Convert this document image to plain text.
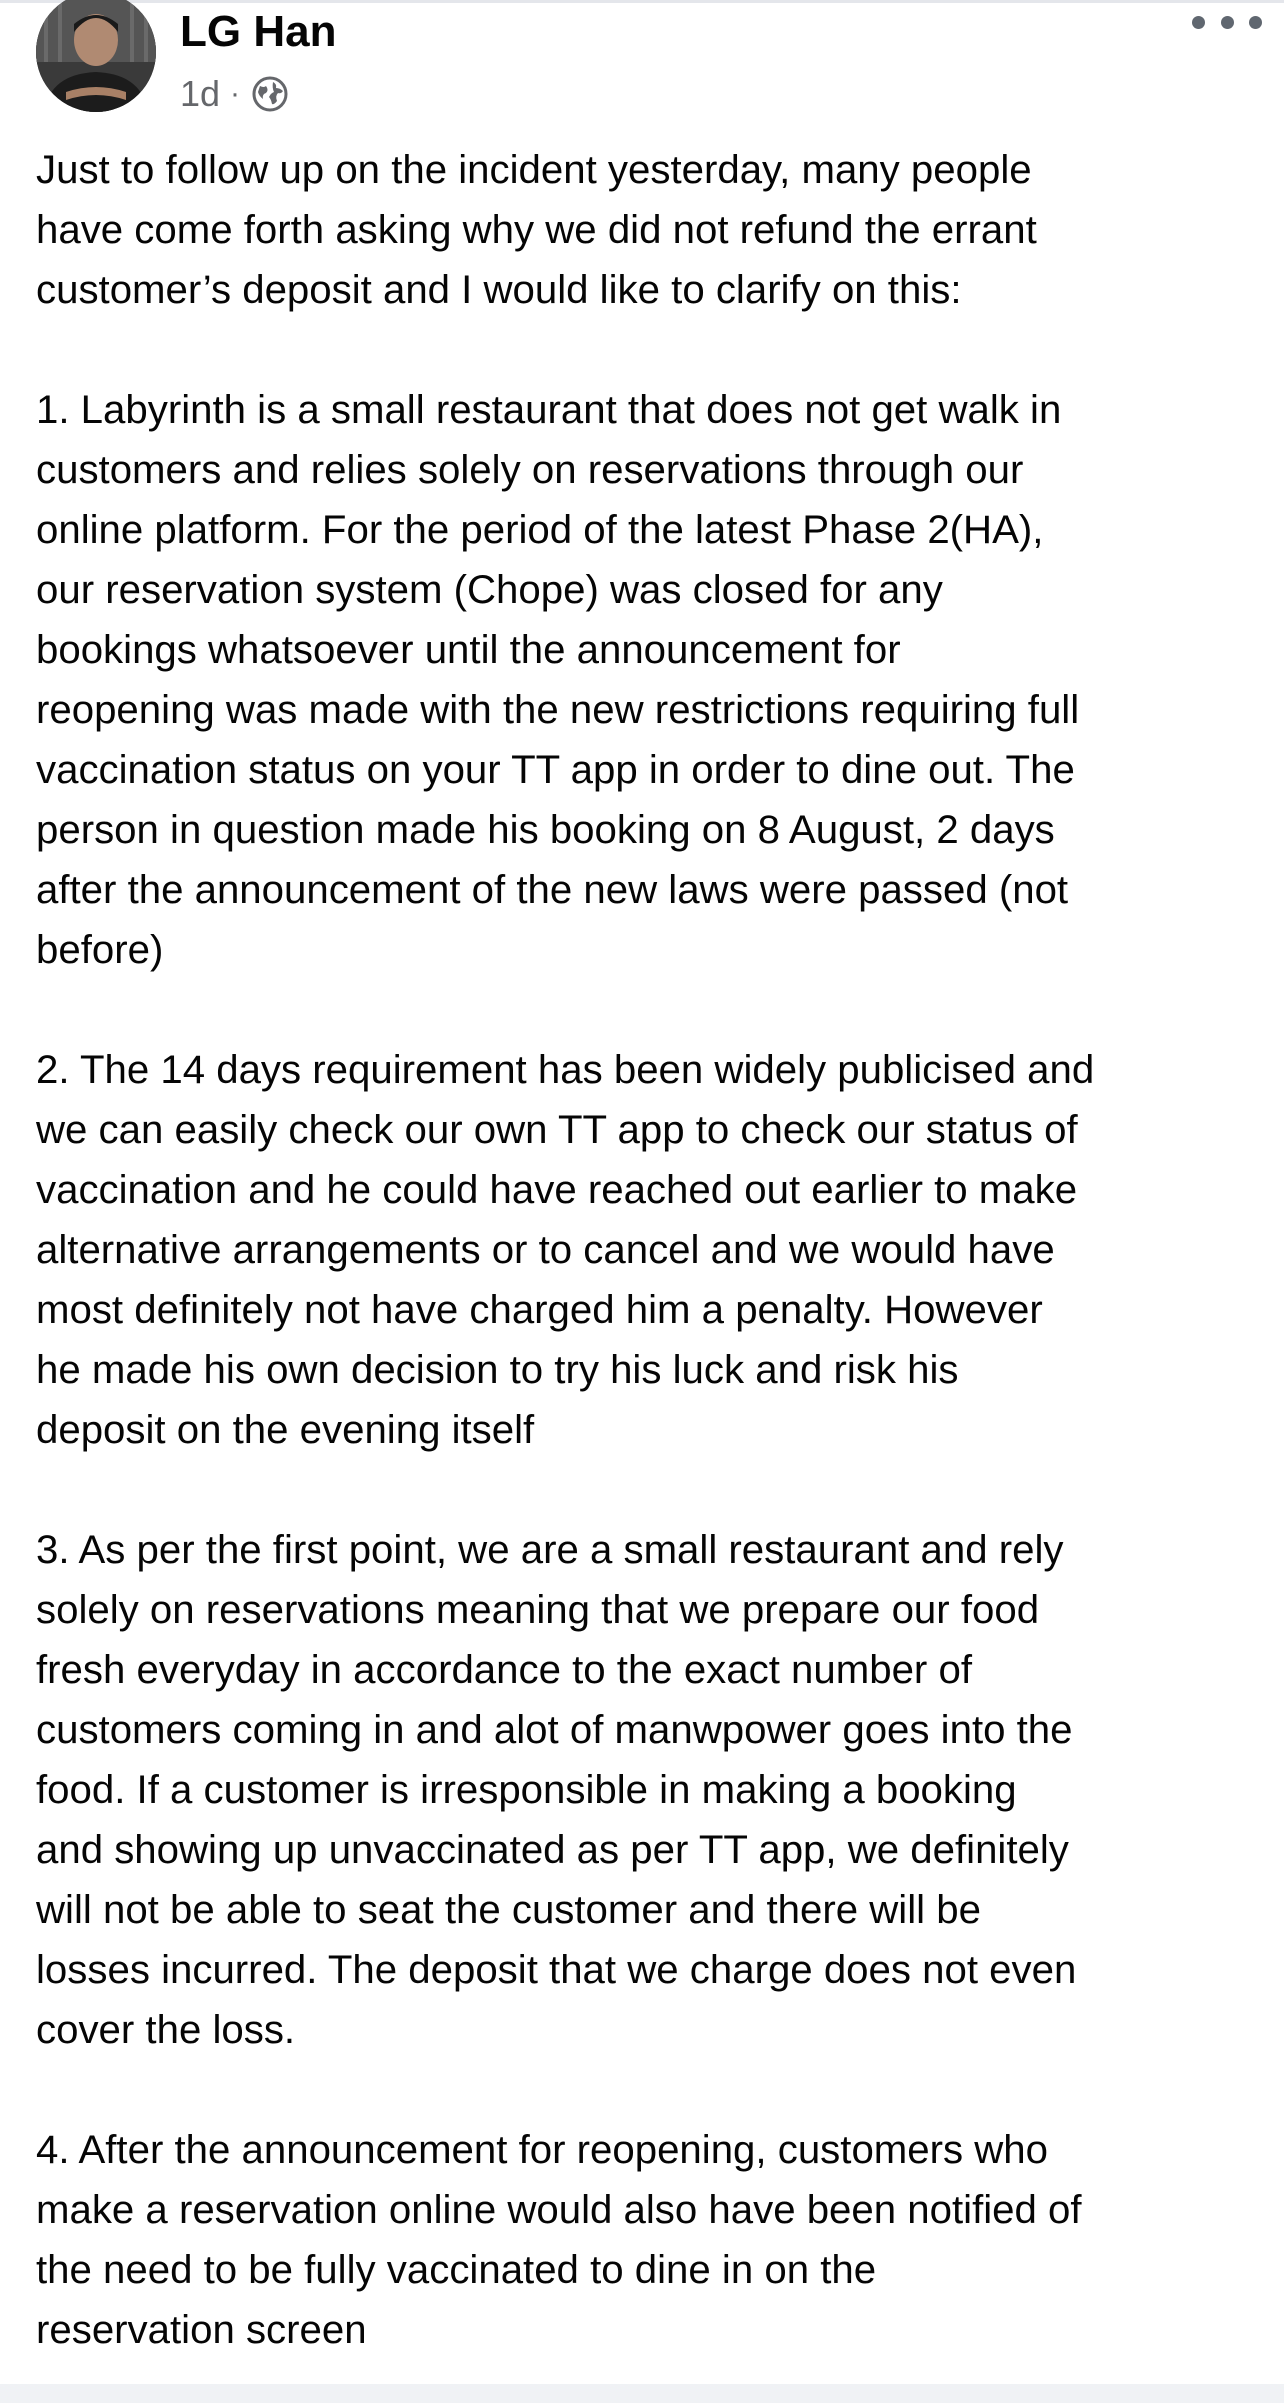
LG Han
1d ·

Just to follow up on the incident yesterday, many people
have come forth asking why we did not refund the errant
customer’s deposit and I would like to clarify on this:

1. Labyrinth is a small restaurant that does not get walk in
customers and relies solely on reservations through our
online platform. For the period of the latest Phase 2(HA),
our reservation system (Chope) was closed for any
bookings whatsoever until the announcement for
reopening was made with the new restrictions requiring full
vaccination status on your TT app in order to dine out. The
person in question made his booking on 8 August, 2 days
after the announcement of the new laws were passed (not
before)

2. The 14 days requirement has been widely publicised and
we can easily check our own TT app to check our status of
vaccination and he could have reached out earlier to make
alternative arrangements or to cancel and we would have
most definitely not have charged him a penalty. However
he made his own decision to try his luck and risk his
deposit on the evening itself

3. As per the first point, we are a small restaurant and rely
solely on reservations meaning that we prepare our food
fresh everyday in accordance to the exact number of
customers coming in and alot of manwpower goes into the
food. If a customer is irresponsible in making a booking
and showing up unvaccinated as per TT app, we definitely
will not be able to seat the customer and there will be
losses incurred. The deposit that we charge does not even
cover the loss.

4. After the announcement for reopening, customers who
make a reservation online would also have been notified of
the need to be fully vaccinated to dine in on the
reservation screen
